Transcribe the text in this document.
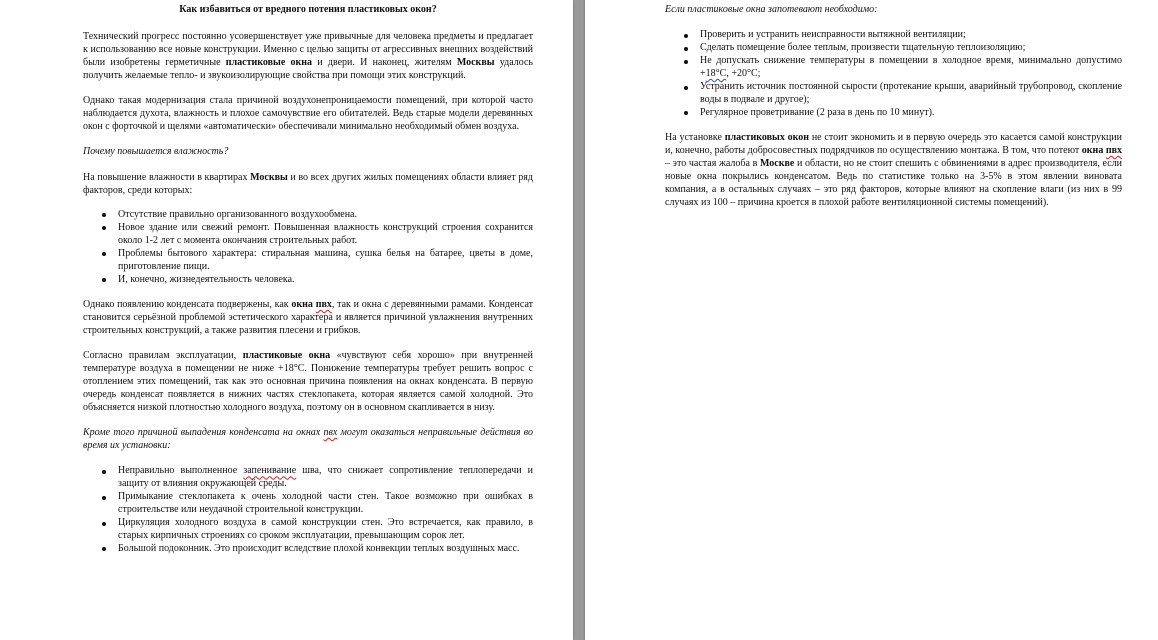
Как избавиться от вредного потения пластиковых окон?

Технический прогресс постоянно усовершенствует уже привычные для человека предметы и предлагает к использованию все новые конструкции. Именно с целью защиты от агрессивных внешних воздействий были изобретены герметичные пластиковые окна и двери. И наконец, жителям Москвы удалось получить желаемые тепло- и звукоизолирующие свойства при помощи этих конструкций.

Однако такая модернизация стала причиной воздухонепроницаемости помещений, при которой часто наблюдается духота, влажность и плохое самочувствие его обитателей. Ведь старые модели деревянных окон с форточкой и щелями «автоматически» обеспечивали минимально необходимый обмен воздуха.

Почему повышается влажность?

На повышение влажности в квартирах Москвы и во всех других жилых помещениях области влияет ряд факторов, среди которых:

Отсутствие правильно организованного воздухообмена.
Новое здание или свежий ремонт. Повышенная влажность конструкций строения сохранится около 1-2 лет с момента окончания строительных работ.
Проблемы бытового характера: стиральная машина, сушка белья на батарее, цветы в доме, приготовление пищи.
И, конечно, жизнедеятельность человека.

Однако появлению конденсата подвержены, как окна пвх, так и окна с деревянными рамами. Конденсат становится серьёзной проблемой эстетического характера и является причиной увлажнения внутренних строительных конструкций, а также развития плесени и грибков.

Согласно правилам эксплуатации, пластиковые окна «чувствуют себя хорошо» при внутренней температуре воздуха в помещении не ниже +18°С. Понижение температуры требует решить вопрос с отоплением этих помещений, так как это основная причина появления на окнах конденсата. В первую очередь конденсат появляется в нижних частях стеклопакета, которая является самой холодной. Это объясняется низкой плотностью холодного воздуха, поэтому он в основном скапливается в низу.

Кроме того причиной выпадения конденсата на окнах пвх могут оказаться неправильные действия во время их установки:

Неправильно выполненное запенивание шва, что снижает сопротивление теплопередачи и защиту от влияния окружающей среды.
Примыкание стеклопакета к очень холодной части стен. Такое возможно при ошибках в строительстве или неудачной строительной конструкции.
Циркуляция холодного воздуха в самой конструкции стен. Это встречается, как правило, в старых кирпичных строениях со сроком эксплуатации, превышающим сорок лет.
Большой подоконник. Это происходит вследствие плохой конвекции теплых воздушных масс.

Если пластиковые окна запотевают необходимо:

Проверить и устранить неисправности вытяжной вентиляции;
Сделать помещение более теплым, произвести тщательную теплоизоляцию;
Не допускать снижение температуры в помещении в холодное время, минимально допустимо +18°С, +20°С;
Устранить источник постоянной сырости (протекание крыши, аварийный трубопровод, скопление воды в подвале и другое);
Регулярное проветривание (2 раза в день по 10 минут).

На установке пластиковых окон не стоит экономить и в первую очередь это касается самой конструкции и, конечно, работы добросовестных подрядчиков по осуществлению монтажа. В том, что потеют окна пвх – это частая жалоба в Москве и области, но не стоит спешить с обвинениями в адрес производителя, если новые окна покрылись конденсатом. Ведь по статистике только на 3-5% в этом явлении виновата компания, а в остальных случаях – это ряд факторов, которые влияют на скопление влаги (из них в 99 случаях из 100 – причина кроется в плохой работе вентиляционной системы помещений).
